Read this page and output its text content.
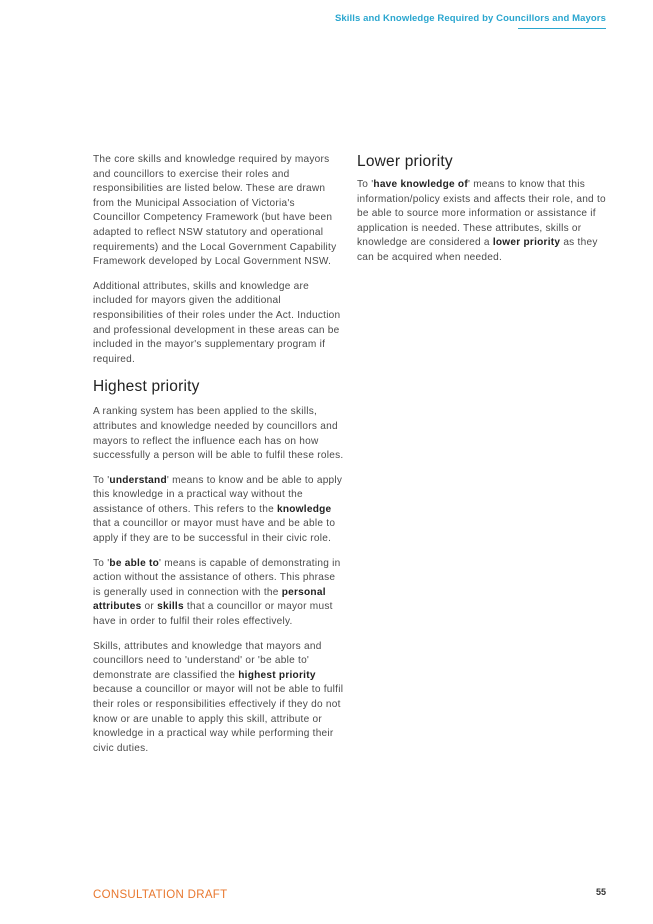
Skills and Knowledge Required by Councillors and Mayors

The core skills and knowledge required by mayors and councillors to exercise their roles and responsibilities are listed below. These are drawn from the Municipal Association of Victoria's Councillor Competency Framework (but have been adapted to reflect NSW statutory and operational requirements) and the Local Government Capability Framework developed by Local Government NSW.

Additional attributes, skills and knowledge are included for mayors given the additional responsibilities of their roles under the Act. Induction and professional development in these areas can be included in the mayor's supplementary program if required.

Highest priority

A ranking system has been applied to the skills, attributes and knowledge needed by councillors and mayors to reflect the influence each has on how successfully a person will be able to fulfil these roles.

To 'understand' means to know and be able to apply this knowledge in a practical way without the assistance of others. This refers to the knowledge that a councillor or mayor must have and be able to apply if they are to be successful in their civic role.

To 'be able to' means is capable of demonstrating in action without the assistance of others. This phrase is generally used in connection with the personal attributes or skills that a councillor or mayor must have in order to fulfil their roles effectively.

Skills, attributes and knowledge that mayors and councillors need to 'understand' or 'be able to' demonstrate are classified the highest priority because a councillor or mayor will not be able to fulfil their roles or responsibilities effectively if they do not know or are unable to apply this skill, attribute or knowledge in a practical way while performing their civic duties.

Lower priority

To 'have knowledge of' means to know that this information/policy exists and affects their role, and to be able to source more information or assistance if application is needed. These attributes, skills or knowledge are considered a lower priority as they can be acquired when needed.

CONSULTATION DRAFT	55
